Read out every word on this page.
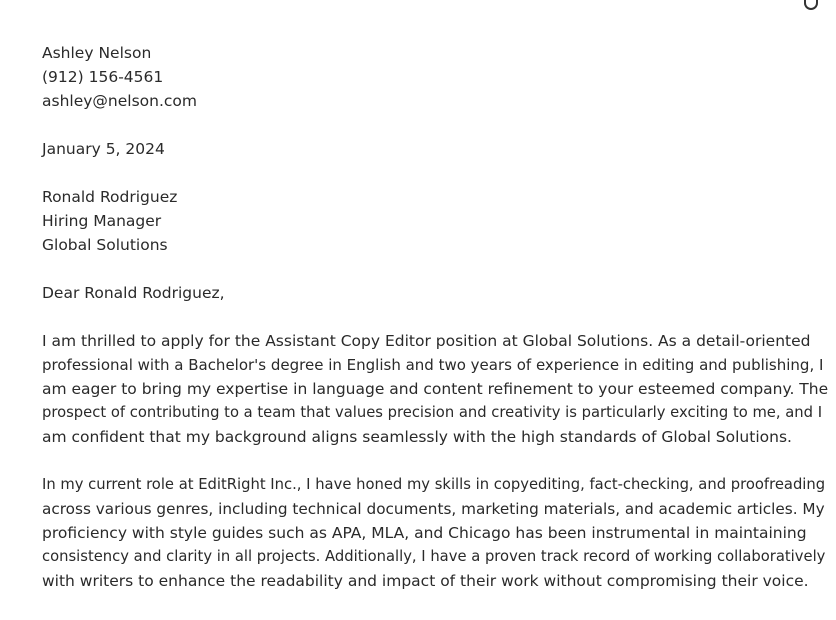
Ashley Nelson
(912) 156-4561
ashley@nelson.com
January 5, 2024
Ronald Rodriguez
Hiring Manager
Global Solutions
Dear Ronald Rodriguez,
I am thrilled to apply for the Assistant Copy Editor position at Global Solutions. As a detail-oriented
professional with a Bachelor's degree in English and two years of experience in editing and publishing, I
am eager to bring my expertise in language and content refinement to your esteemed company. The
prospect of contributing to a team that values precision and creativity is particularly exciting to me, and I
am confident that my background aligns seamlessly with the high standards of Global Solutions.
In my current role at EditRight Inc., I have honed my skills in copyediting, fact-checking, and proofreading
across various genres, including technical documents, marketing materials, and academic articles. My
proficiency with style guides such as APA, MLA, and Chicago has been instrumental in maintaining
consistency and clarity in all projects. Additionally, I have a proven track record of working collaboratively
with writers to enhance the readability and impact of their work without compromising their voice.
